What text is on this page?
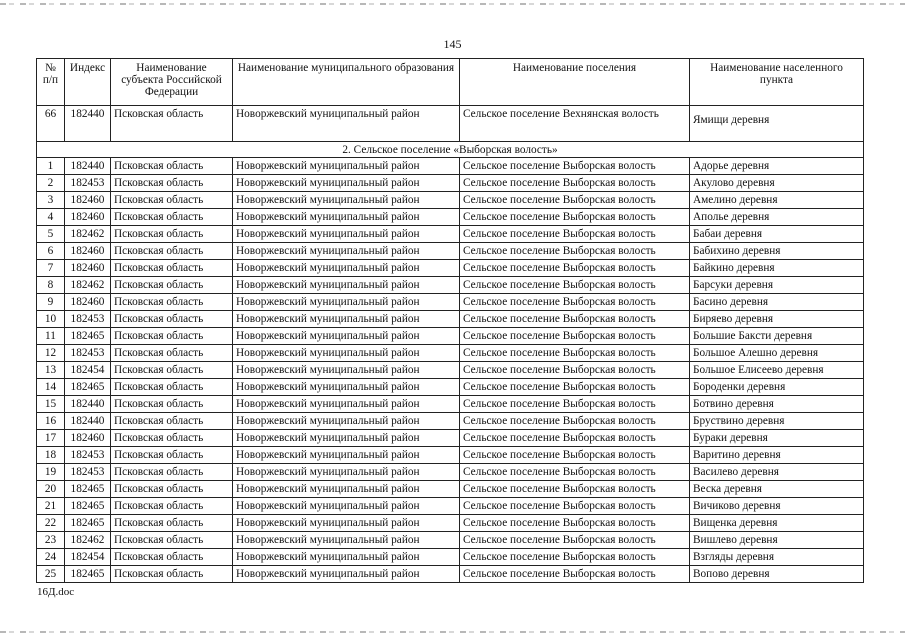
145
№ п/п	Индекс	Наименование субъекта Российской Федерации	Наименование муниципального образования	Наименование поселения	Наименование населенного пункта
66	182440	Псковская область	Новоржевский муниципальный район	Сельское поселение Вехнянская волость	Ямищи деревня
2. Сельское поселение «Выборская волость»					
1	182440	Псковская область	Новоржевский муниципальный район	Сельское поселение Выборская волость	Адорье деревня
2	182453	Псковская область	Новоржевский муниципальный район	Сельское поселение Выборская волость	Акулово деревня
3	182460	Псковская область	Новоржевский муниципальный район	Сельское поселение Выборская волость	Амелино деревня
4	182460	Псковская область	Новоржевский муниципальный район	Сельское поселение Выборская волость	Аполье деревня
5	182462	Псковская область	Новоржевский муниципальный район	Сельское поселение Выборская волость	Бабаи деревня
6	182460	Псковская область	Новоржевский муниципальный район	Сельское поселение Выборская волость	Бабихино деревня
7	182460	Псковская область	Новоржевский муниципальный район	Сельское поселение Выборская волость	Байкино деревня
8	182462	Псковская область	Новоржевский муниципальный район	Сельское поселение Выборская волость	Барсуки деревня
9	182460	Псковская область	Новоржевский муниципальный район	Сельское поселение Выборская волость	Басино деревня
10	182453	Псковская область	Новоржевский муниципальный район	Сельское поселение Выборская волость	Биряево деревня
11	182465	Псковская область	Новоржевский муниципальный район	Сельское поселение Выборская волость	Большие Бакcти деревня
12	182453	Псковская область	Новоржевский муниципальный район	Сельское поселение Выборская волость	Большое Алешно деревня
13	182454	Псковская область	Новоржевский муниципальный район	Сельское поселение Выборская волость	Большое Елисеево деревня
14	182465	Псковская область	Новоржевский муниципальный район	Сельское поселение Выборская волость	Бороденки деревня
15	182440	Псковская область	Новоржевский муниципальный район	Сельское поселение Выборская волость	Ботвино деревня
16	182440	Псковская область	Новоржевский муниципальный район	Сельское поселение Выборская волость	Бруствино деревня
17	182460	Псковская область	Новоржевский муниципальный район	Сельское поселение Выборская волость	Бураки деревня
18	182453	Псковская область	Новоржевский муниципальный район	Сельское поселение Выборская волость	Варитино деревня
19	182453	Псковская область	Новоржевский муниципальный район	Сельское поселение Выборская волость	Василево деревня
20	182465	Псковская область	Новоржевский муниципальный район	Сельское поселение Выборская волость	Веска деревня
21	182465	Псковская область	Новоржевский муниципальный район	Сельское поселение Выборская волость	Вичиково деревня
22	182465	Псковская область	Новоржевский муниципальный район	Сельское поселение Выборская волость	Вищенка деревня
23	182462	Псковская область	Новоржевский муниципальный район	Сельское поселение Выборская волость	Вишлево деревня
24	182454	Псковская область	Новоржевский муниципальный район	Сельское поселение Выборская волость	Взгляды деревня
25	182465	Псковская область	Новоржевский муниципальный район	Сельское поселение Выборская волость	Вопово деревня
16Д.doc
